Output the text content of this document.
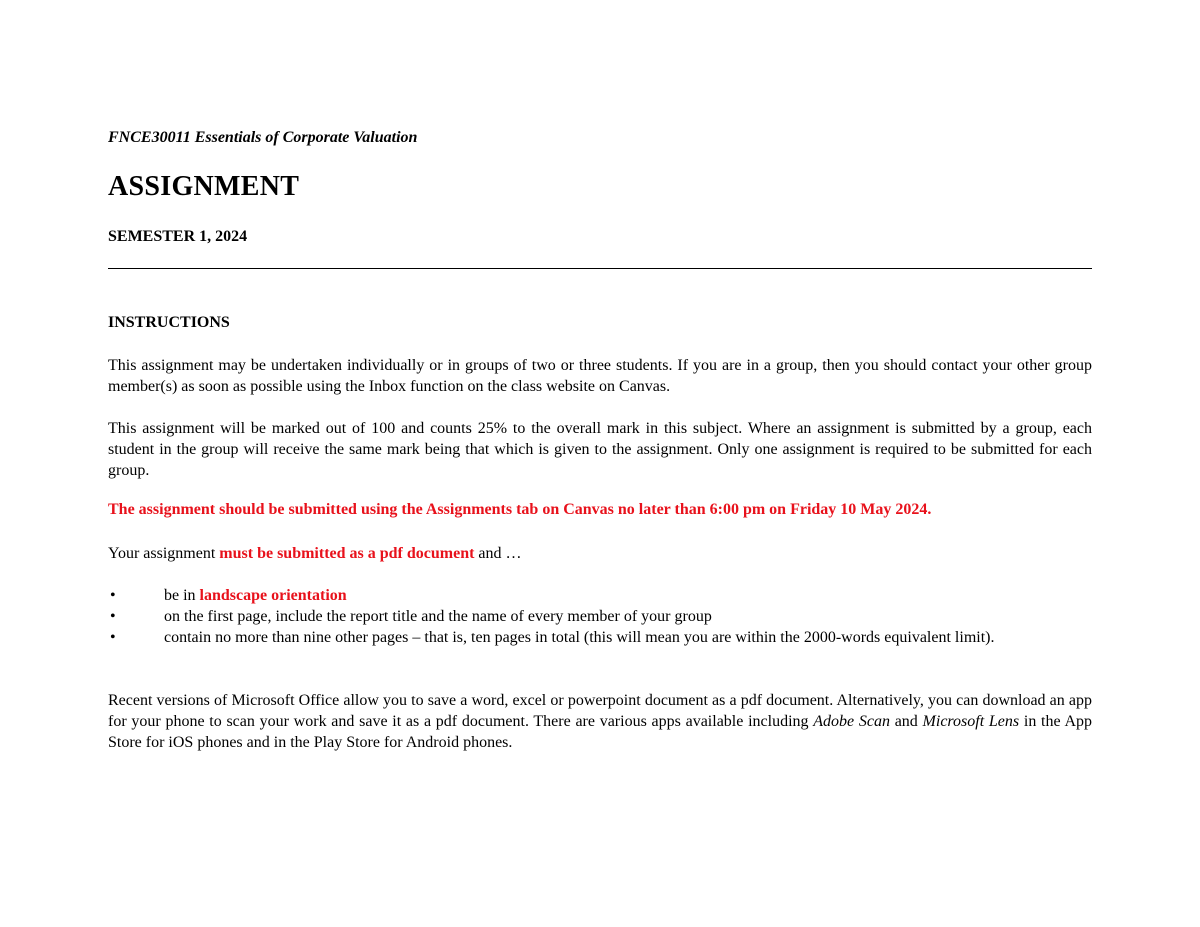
FNCE30011 Essentials of Corporate Valuation
ASSIGNMENT
SEMESTER 1, 2024
INSTRUCTIONS
This assignment may be undertaken individually or in groups of two or three students. If you are in a group, then you should contact your other group member(s) as soon as possible using the Inbox function on the class website on Canvas.
This assignment will be marked out of 100 and counts 25% to the overall mark in this subject. Where an assignment is submitted by a group, each student in the group will receive the same mark being that which is given to the assignment. Only one assignment is required to be submitted for each group.
The assignment should be submitted using the Assignments tab on Canvas no later than 6:00 pm on Friday 10 May 2024.
Your assignment must be submitted as a pdf document and …
•	be in landscape orientation
•	on the first page, include the report title and the name of every member of your group
•	contain no more than nine other pages – that is, ten pages in total (this will mean you are within the 2000-words equivalent limit).
Recent versions of Microsoft Office allow you to save a word, excel or powerpoint document as a pdf document. Alternatively, you can download an app for your phone to scan your work and save it as a pdf document. There are various apps available including Adobe Scan and Microsoft Lens in the App Store for iOS phones and in the Play Store for Android phones.
